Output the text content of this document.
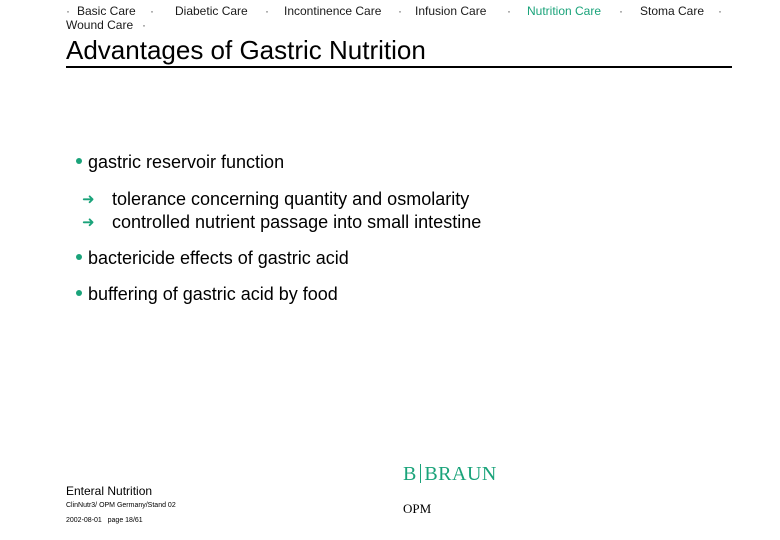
· Basic Care · Diabetic Care · Incontinence Care · Infusion Care · Nutrition Care · Stoma Care ·
Wound Care ·
Advantages of Gastric Nutrition
gastric reservoir function
➜ tolerance concerning quantity and osmolarity
➜ controlled nutrient passage into small intestine
bactericide effects of gastric acid
buffering of gastric acid by food
Enteral Nutrition
ClinNutr3/ OPM Germany/Stand 02
2002-08-01   page 18/61
B BRAUN
OPM
